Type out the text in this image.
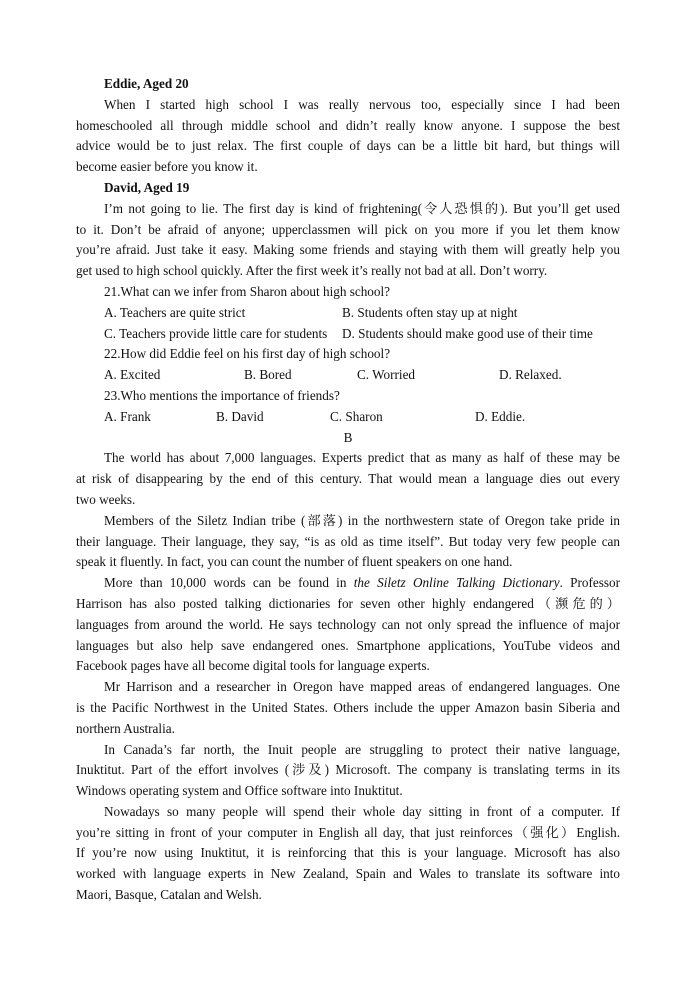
Eddie, Aged 20
When I started high school I was really nervous too, especially since I had been
homeschooled all through middle school and didn’t really know anyone. I suppose the best
advice would be to just relax. The first couple of days can be a little bit hard, but things will
become easier before you know it.
David, Aged 19
I’m not going to lie. The first day is kind of frightening(令人恐惧的). But you’ll get used
to it. Don’t be afraid of anyone; upperclassmen will pick on you more if you let them know
you’re afraid. Just take it easy. Making some friends and staying with them will greatly help you
get used to high school quickly. After the first week it’s really not bad at all. Don’t worry.
21.What can we infer from Sharon about high school?
A. Teachers are quite strict	B. Students often stay up at night
C. Teachers provide little care for students	D. Students should make good use of their time
22.How did Eddie feel on his first day of high school?
A. Excited	B. Bored	C. Worried	D. Relaxed.
23.Who mentions the importance of friends?
A. Frank	B. David	C. Sharon	D. Eddie.
B
The world has about 7,000 languages. Experts predict that as many as half of these may be
at risk of disappearing by the end of this century. That would mean a language dies out every
two weeks.
Members of the Siletz Indian tribe (部落) in the northwestern state of Oregon take pride in
their language. Their language, they say, “is as old as time itself”. But today very few people can
speak it fluently. In fact, you can count the number of fluent speakers on one hand.
More than 10,000 words can be found in the Siletz Online Talking Dictionary. Professor
Harrison has also posted talking dictionaries for seven other highly endangered（濒危的）
languages from around the world. He says technology can not only spread the influence of major
languages but also help save endangered ones. Smartphone applications, YouTube videos and
Facebook pages have all become digital tools for language experts.
Mr Harrison and a researcher in Oregon have mapped areas of endangered languages. One
is the Pacific Northwest in the United States. Others include the upper Amazon basin Siberia and
northern Australia.
In Canada’s far north, the Inuit people are struggling to protect their native language,
Inuktitut. Part of the effort involves (涉及) Microsoft. The company is translating terms in its
Windows operating system and Office software into Inuktitut.
Nowadays so many people will spend their whole day sitting in front of a computer. If
you’re sitting in front of your computer in English all day, that just reinforces（强化）English.
If you’re now using Inuktitut, it is reinforcing that this is your language. Microsoft has also
worked with language experts in New Zealand, Spain and Wales to translate its software into
Maori, Basque, Catalan and Welsh.
